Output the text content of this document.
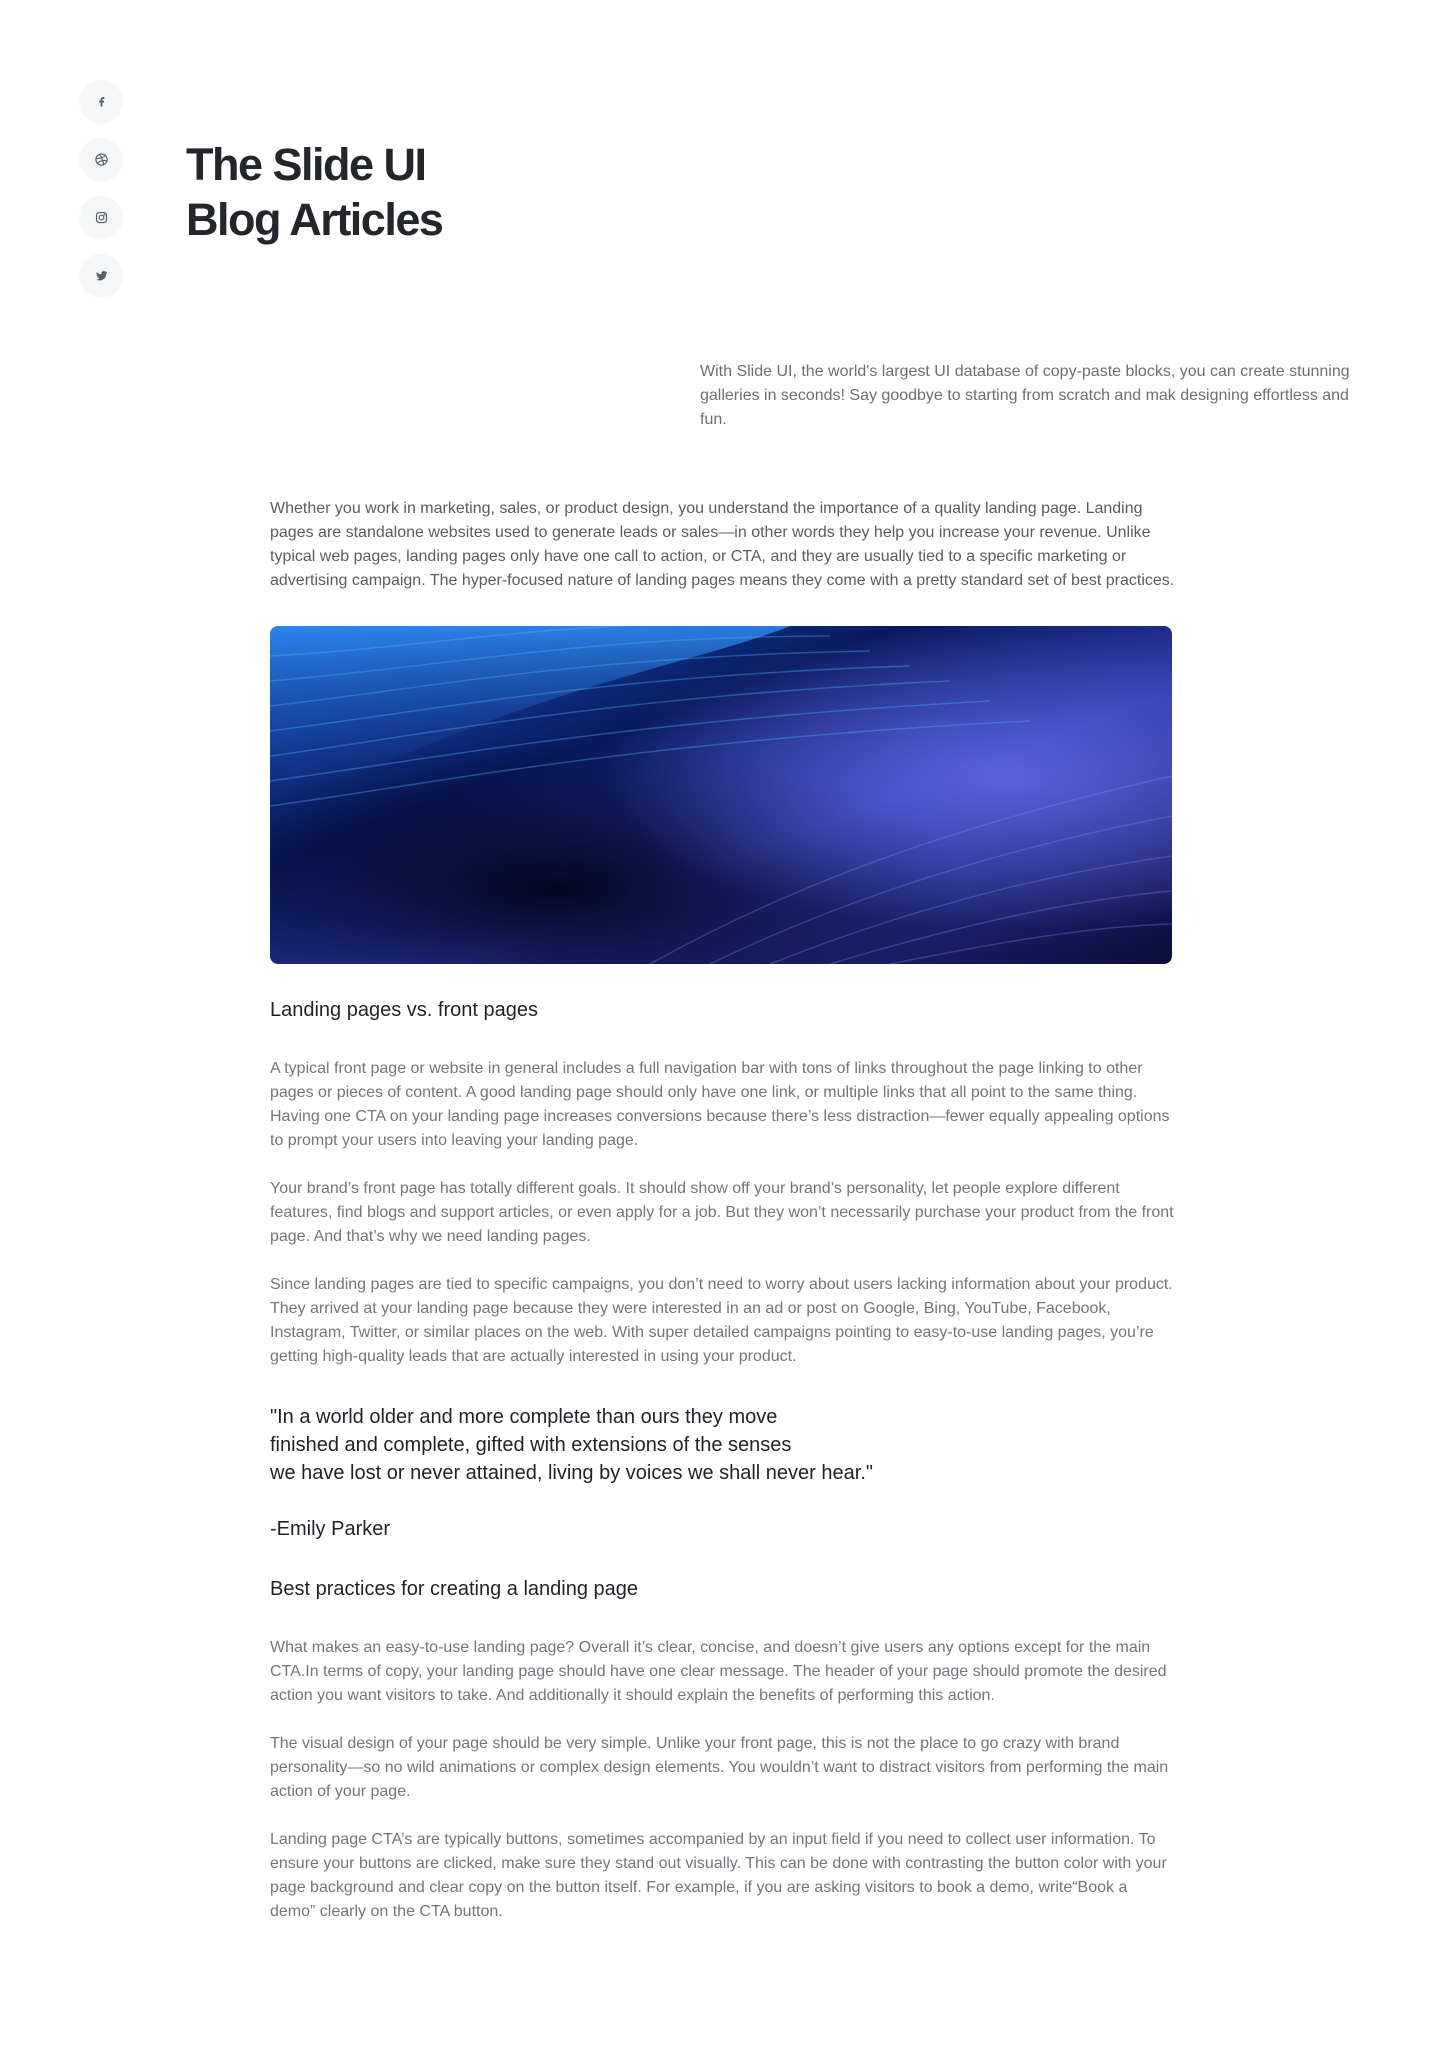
The Slide UI
Blog Articles

With Slide UI, the world's largest UI database of copy-paste blocks, you can create stunning galleries in seconds! Say goodbye to starting from scratch and mak designing effortless and fun.

Whether you work in marketing, sales, or product design, you understand the importance of a quality landing page. Landing pages are standalone websites used to generate leads or sales—in other words they help you increase your revenue. Unlike typical web pages, landing pages only have one call to action, or CTA, and they are usually tied to a specific marketing or advertising campaign. The hyper-focused nature of landing pages means they come with a pretty standard set of best practices.

Landing pages vs. front pages

A typical front page or website in general includes a full navigation bar with tons of links throughout the page linking to other pages or pieces of content. A good landing page should only have one link, or multiple links that all point to the same thing. Having one CTA on your landing page increases conversions because there’s less distraction—fewer equally appealing options to prompt your users into leaving your landing page.

Your brand’s front page has totally different goals. It should show off your brand’s personality, let people explore different features, find blogs and support articles, or even apply for a job. But they won’t necessarily purchase your product from the front page. And that’s why we need landing pages.

Since landing pages are tied to specific campaigns, you don’t need to worry about users lacking information about your product. They arrived at your landing page because they were interested in an ad or post on Google, Bing, YouTube, Facebook, Instagram, Twitter, or similar places on the web. With super detailed campaigns pointing to easy-to-use landing pages, you’re getting high-quality leads that are actually interested in using your product.

"In a world older and more complete than ours they move
finished and complete, gifted with extensions of the senses
we have lost or never attained, living by voices we shall never hear."

-Emily Parker

Best practices for creating a landing page

What makes an easy-to-use landing page? Overall it’s clear, concise, and doesn’t give users any options except for the main CTA.In terms of copy, your landing page should have one clear message. The header of your page should promote the desired action you want visitors to take. And additionally it should explain the benefits of performing this action.

The visual design of your page should be very simple. Unlike your front page, this is not the place to go crazy with brand personality—so no wild animations or complex design elements. You wouldn’t want to distract visitors from performing the main action of your page.

Landing page CTA’s are typically buttons, sometimes accompanied by an input field if you need to collect user information. To ensure your buttons are clicked, make sure they stand out visually. This can be done with contrasting the button color with your page background and clear copy on the button itself. For example, if you are asking visitors to book a demo, write“Book a demo” clearly on the CTA button.
